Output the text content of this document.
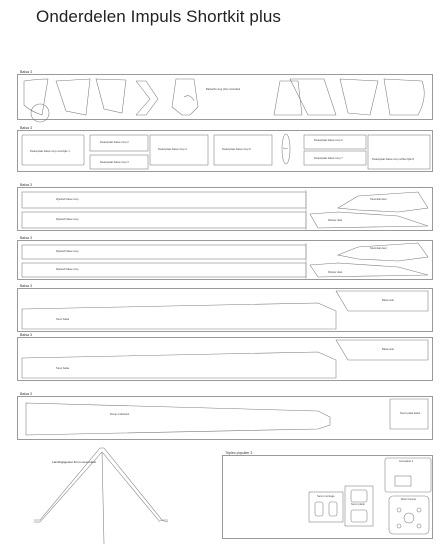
Onderdelen Impuls Shortkit plus
Balsa 3
Balsaribs vlug (ribs coretabel)
Balsa 3
Dwarsplaat balsa romp voorzijde 1
Dwarsplaat balsa romp 2
Dwarsplaat balsa romp 3
Dwarsplaat balsa romp 4	Dwarsplaat balsa romp 5	Spant
Dwarsplaat balsa romp 6
Dwarsplaat balsa romp 7	Dwarsplaat balsa romp achterzijde 8
Balsa 3
Zijwand balsa romp
Zijwand balsa romp
Stuurvlak deel
Rolroer deel
Balsa 3
Zijwand balsa romp
Zijwand balsa romp
Stuurvlak deel
Rolroer deel
Balsa 3
Stuur balsa
Balsa stuk
Balsa 3
Stuur balsa
Balsa stuk
Balsa 3
Romp onderkant	Servo plaat balsa
Landingsgestel 3mm verenstaal
Triplex populier 3
Accuplank 2
Servo montage
Servo plank
Motor bevest.
